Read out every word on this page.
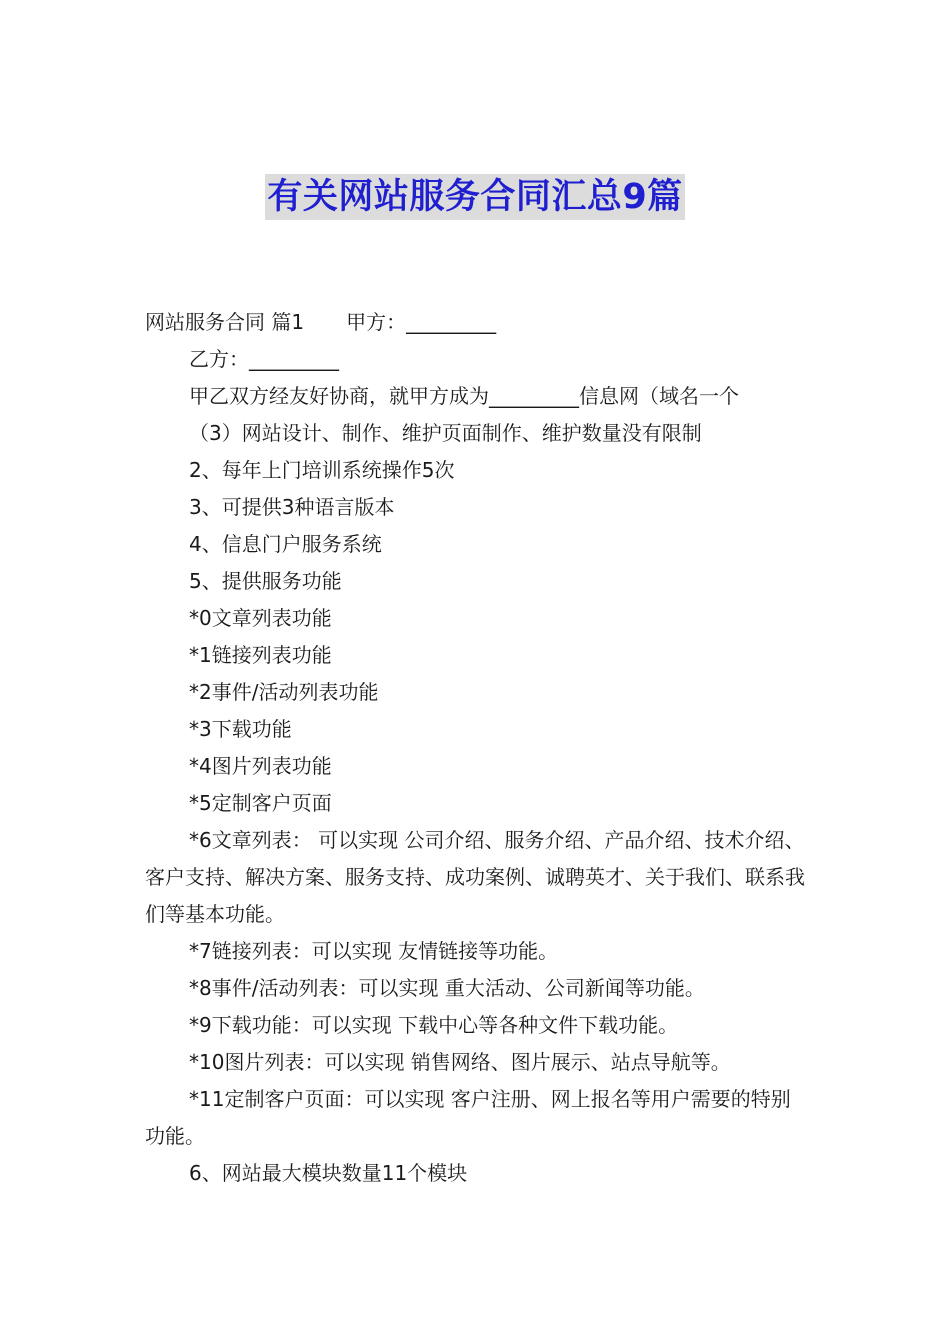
有关网站服务合同汇总9篇

网站服务合同 篇1 甲方：_________

乙方：_________

甲乙双方经友好协商，就甲方成为_________信息网（域名一个

（3）网站设计、制作、维护页面制作、维护数量没有限制

2、每年上门培训系统操作5次

3、可提供3种语言版本

4、信息门户服务系统

5、提供服务功能

*0文章列表功能

*1链接列表功能

*2事件/活动列表功能

*3下载功能

*4图片列表功能

*5定制客户页面

*6文章列表： 可以实现 公司介绍、服务介绍、产品介绍、技术介绍、客户支持、解决方案、服务支持、成功案例、诚聘英才、关于我们、联系我们等基本功能。

*7链接列表：可以实现 友情链接等功能。

*8事件/活动列表：可以实现 重大活动、公司新闻等功能。

*9下载功能：可以实现 下载中心等各种文件下载功能。

*10图片列表：可以实现 销售网络、图片展示、站点导航等。

*11定制客户页面：可以实现 客户注册、网上报名等用户需要的特别功能。

6、网站最大模块数量11个模块
